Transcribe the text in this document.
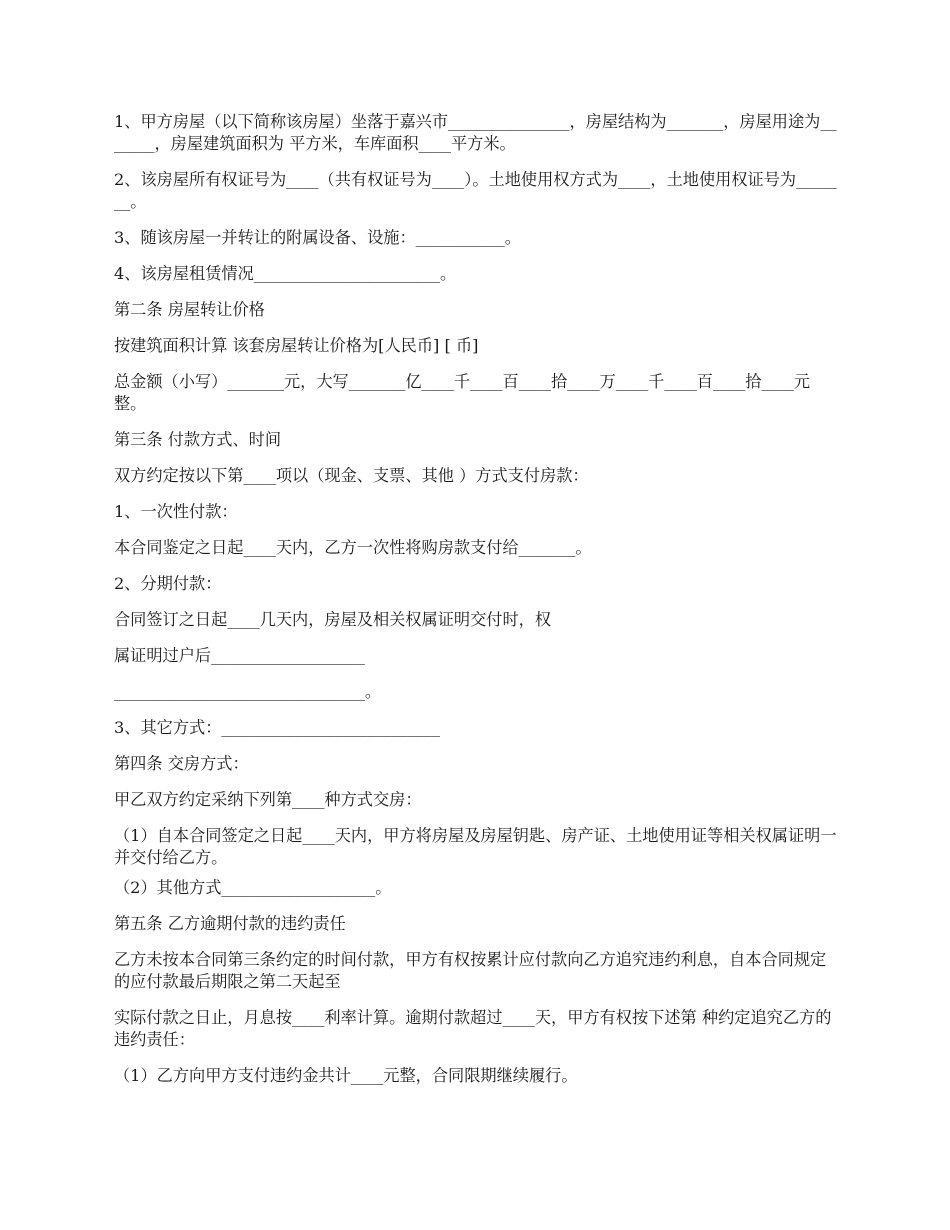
1、甲方房屋（以下简称该房屋）坐落于嘉兴市_______________，房屋结构为_______，房屋用途为_______，房屋建筑面积为 平方米，车库面积____平方米。

2、该房屋所有权证号为____（共有权证号为____）。土地使用权方式为____，土地使用权证号为_______。

3、随该房屋一并转让的附属设备、设施：___________。

4、该房屋租赁情况_______________________。

第二条 房屋转让价格

按建筑面积计算 该套房屋转让价格为[人民币] [ 币]

总金额（小写）_______元，大写_______亿____千____百____拾____万____千____百____拾____元整。

第三条 付款方式、时间

双方约定按以下第____项以（现金、支票、其他 ）方式支付房款：

1、一次性付款：

本合同鉴定之日起____天内，乙方一次性将购房款支付给_______。

2、分期付款：

合同签订之日起____几天内，房屋及相关权属证明交付时，权

属证明过户后___________________

_______________________________。

3、其它方式：___________________________

第四条 交房方式：

甲乙双方约定采纳下列第____种方式交房：

（1）自本合同签定之日起____天内，甲方将房屋及房屋钥匙、房产证、土地使用证等相关权属证明一并交付给乙方。

（2）其他方式___________________。

第五条 乙方逾期付款的违约责任

乙方未按本合同第三条约定的时间付款，甲方有权按累计应付款向乙方追究违约利息，自本合同规定的应付款最后期限之第二天起至

实际付款之日止，月息按____利率计算。逾期付款超过____天，甲方有权按下述第 种约定追究乙方的违约责任：

（1）乙方向甲方支付违约金共计____元整，合同限期继续履行。
